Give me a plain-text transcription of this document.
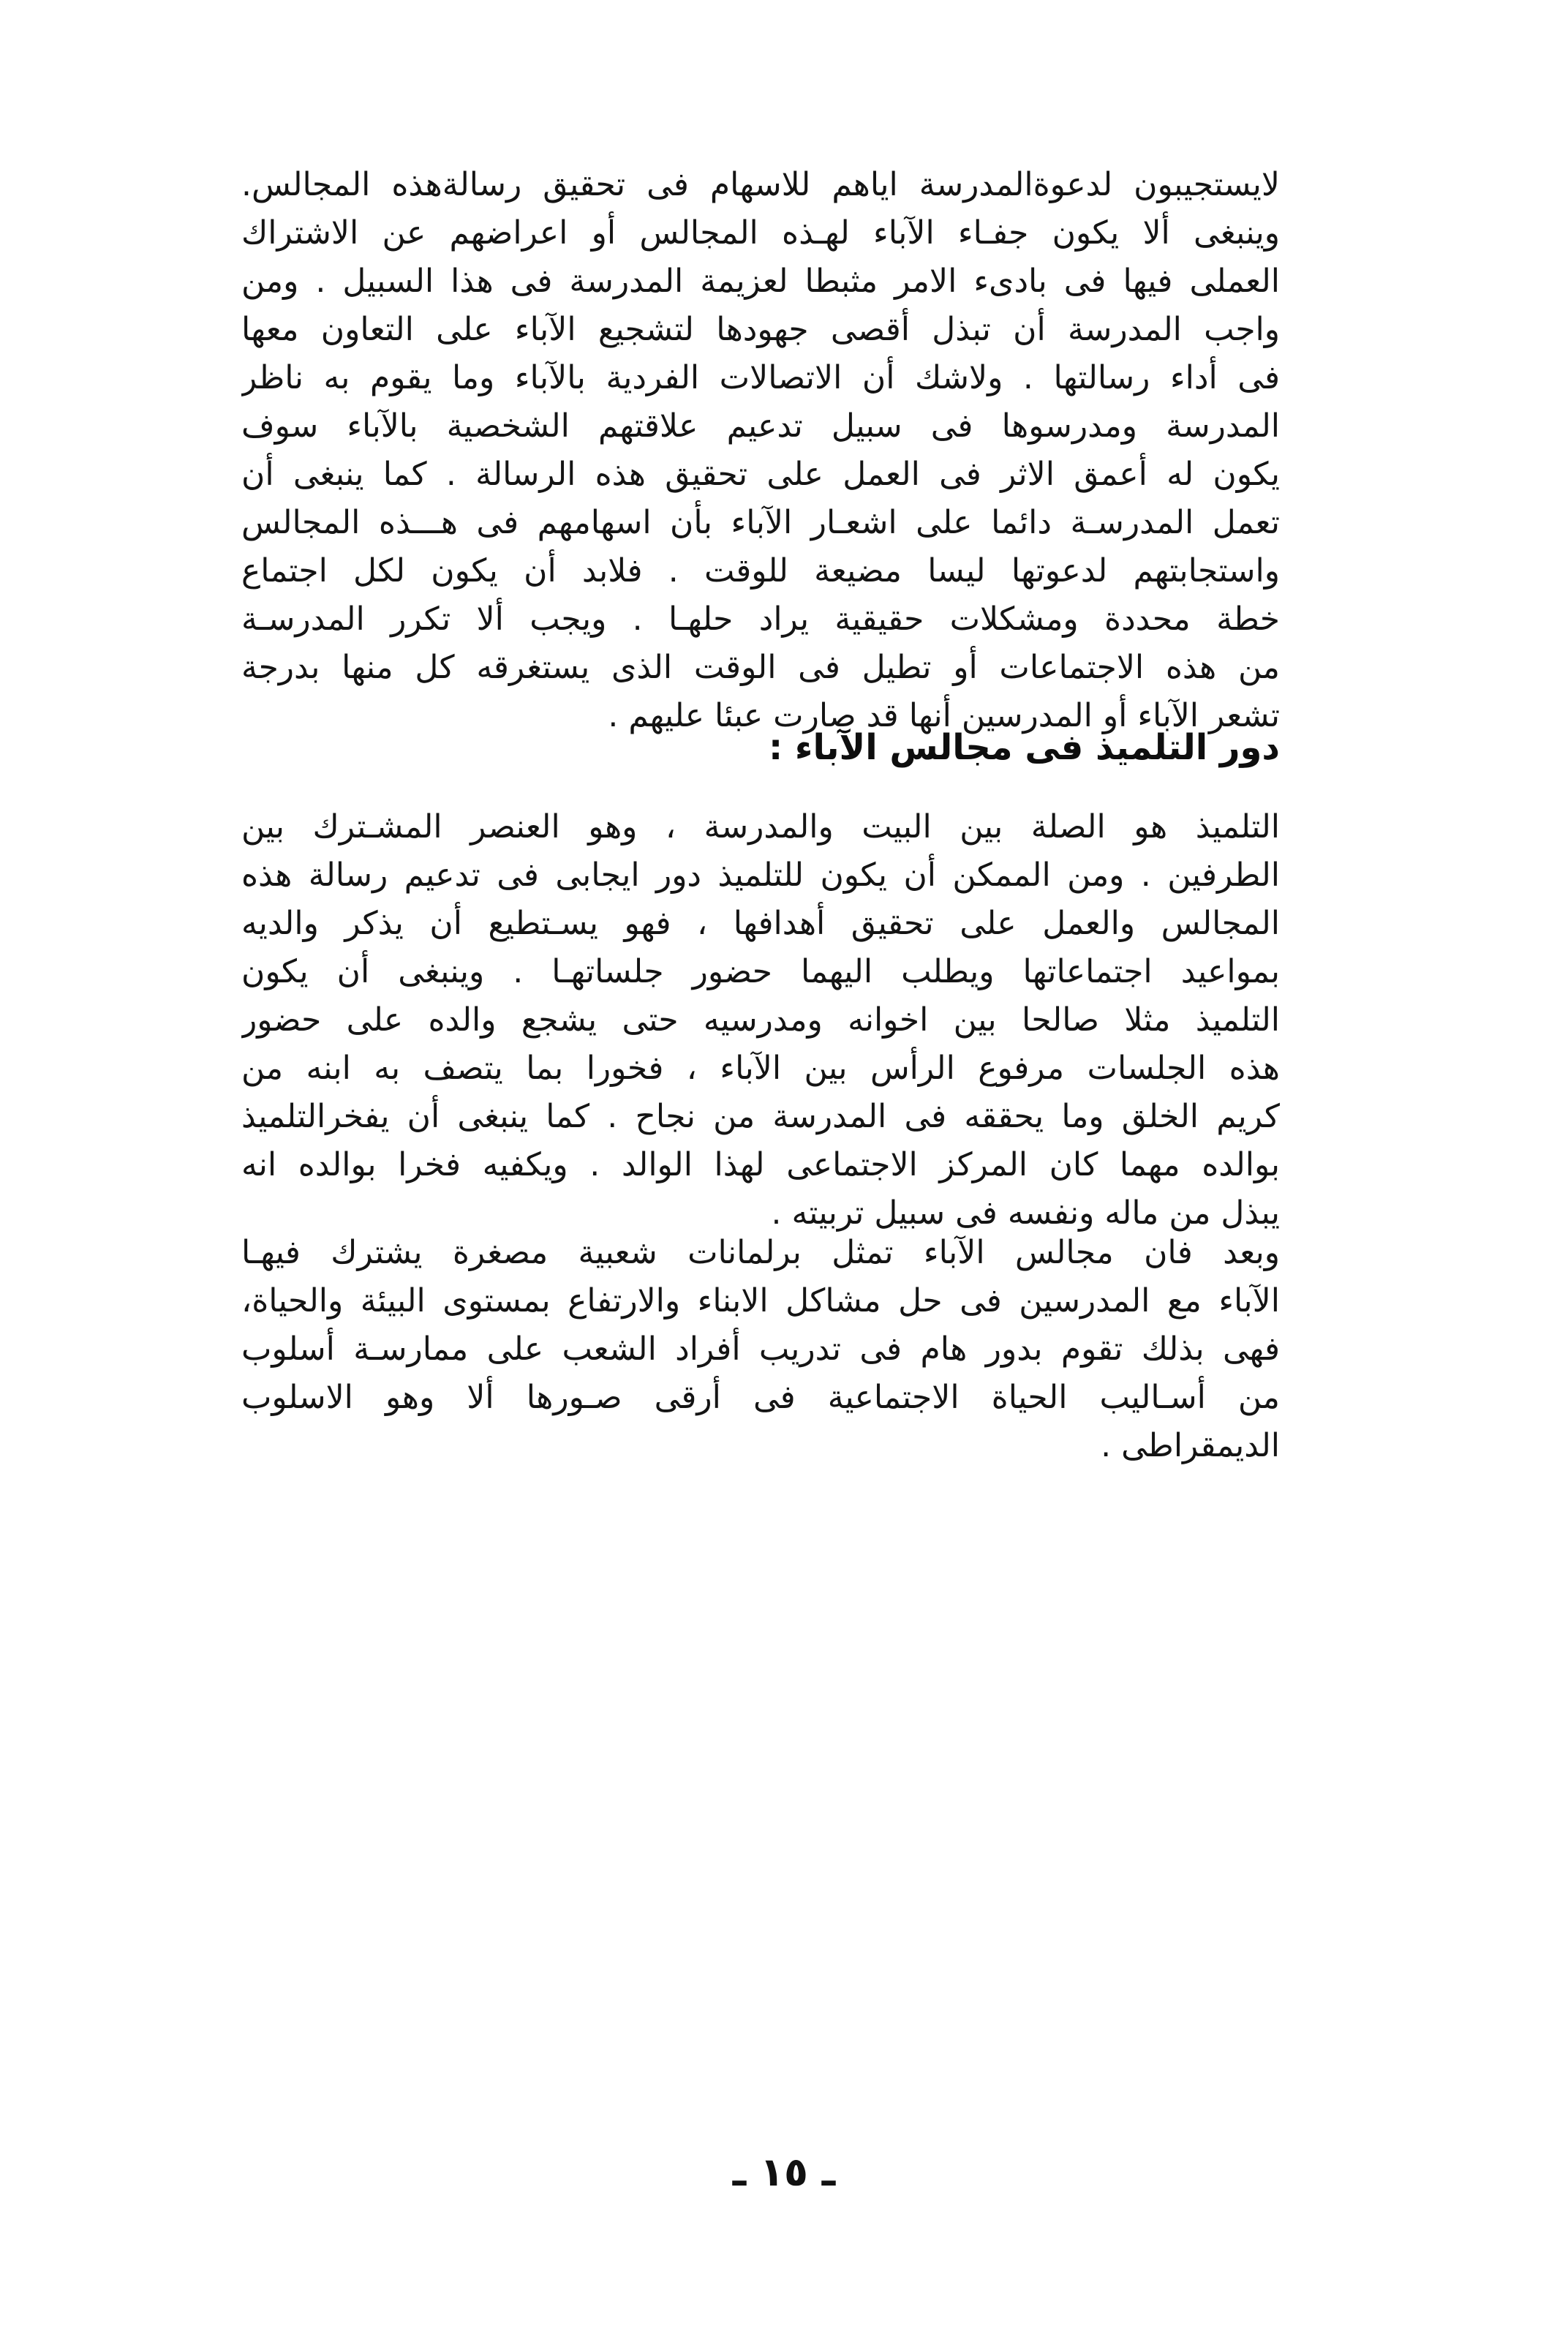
لايستجيبون لدعوةالمدرسة اياهم للاسهام فى تحقيق رسالةهذه المجالس.
وينبغى ألا يكون جفـاء الآباء لهـذه المجالس أو اعراضهم عن الاشتراك
العملى فيها فى بادىء الامر مثبطا لعزيمة المدرسة فى هذا السبيل . ومن
واجب المدرسة أن تبذل أقصى جهودها لتشجيع الآباء على التعاون معها
فى أداء رسالتها . ولاشك أن الاتصالات الفردية بالآباء وما يقوم به ناظر
المدرسة ومدرسوها فى سبيل تدعيم علاقتهم الشخصية بالآباء سوف
يكون له أعمق الاثر فى العمل على تحقيق هذه الرسالة . كما ينبغى أن
تعمل المدرسـة دائما على اشعـار الآباء بأن اسهامهم فى هـــذه المجالس
واستجابتهم لدعوتها ليسا مضيعة للوقت . فلابد أن يكون لكل اجتماع
خطة محددة ومشكلات حقيقية يراد حلهـا . ويجب ألا تكرر المدرسـة
من هذه الاجتماعات أو تطيل فى الوقت الذى يستغرقه كل منها بدرجة
تشعر الآباء أو المدرسين أنها قد صارت عبئا عليهم .
دور التلميذ فى مجالس الآباء :
التلميذ هو الصلة بين البيت والمدرسة ، وهو العنصر المشـترك بين
الطرفين . ومن الممكن أن يكون للتلميذ دور ايجابى فى تدعيم رسالة هذه
المجالس والعمل على تحقيق أهدافها ، فهو يسـتطيع أن يذكر والديه
بمواعيد اجتماعاتها ويطلب اليهما حضور جلساتهـا . وينبغى أن يكون
التلميذ مثلا صالحا بين اخوانه ومدرسيه حتى يشجع والده على حضور
هذه الجلسات مرفوع الرأس بين الآباء ، فخورا بما يتصف به ابنه من
كريم الخلق وما يحققه فى المدرسة من نجاح . كما ينبغى أن يفخرالتلميذ
بوالده مهما كان المركز الاجتماعى لهذا الوالد . ويكفيه فخرا بوالده انه
يبذل من ماله ونفسه فى سبيل تربيته .
وبعد فان مجالس الآباء تمثل برلمانات شعبية مصغرة يشترك فيهـا
الآباء مع المدرسين فى حل مشاكل الابناء والارتفاع بمستوى البيئة والحياة،
فهى بذلك تقوم بدور هام فى تدريب أفراد الشعب على ممارسـة أسلوب
من أسـاليب الحياة الاجتماعية فى أرقى صـورها ألا وهو الاسلوب
الديمقراطى .
ـ ١٥ ـ
